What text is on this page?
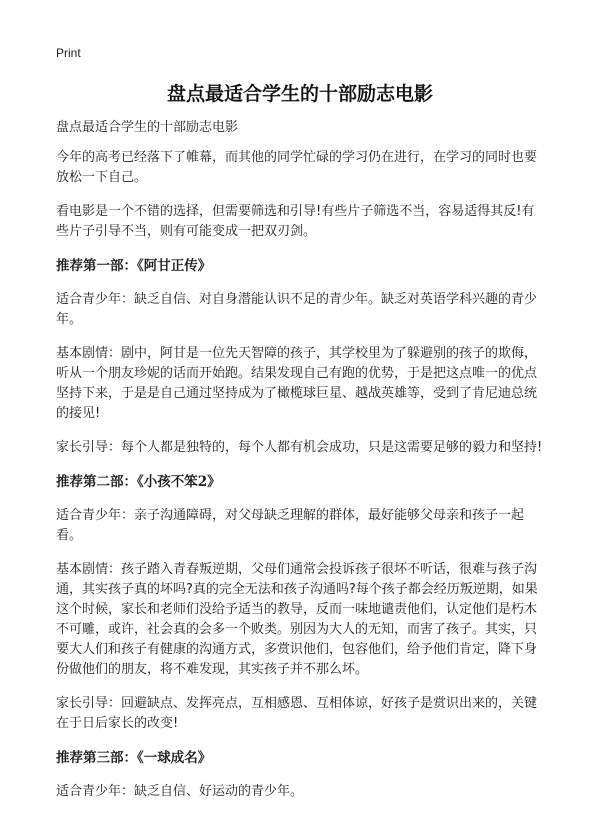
Print
盘点最适合学生的十部励志电影

盘点最适合学生的十部励志电影

今年的高考已经落下了帷幕，而其他的同学忙碌的学习仍在进行，在学习的同时也要放松一下自己。

看电影是一个不错的选择，但需要筛选和引导!有些片子筛选不当，容易适得其反!有些片子引导不当，则有可能变成一把双刃剑。

推荐第一部：《阿甘正传》

适合青少年：缺乏自信、对自身潜能认识不足的青少年。缺乏对英语学科兴趣的青少年。

基本剧情：剧中，阿甘是一位先天智障的孩子，其学校里为了躲避别的孩子的欺侮，听从一个朋友珍妮的话而开始跑。结果发现自己有跑的优势，于是把这点唯一的优点坚持下来，于是是自己通过坚持成为了橄榄球巨星、越战英雄等，受到了肯尼迪总统的接见!

家长引导：每个人都是独特的，每个人都有机会成功，只是这需要足够的毅力和坚持!

推荐第二部：《小孩不笨2》

适合青少年：亲子沟通障碍，对父母缺乏理解的群体，最好能够父母亲和孩子一起看。

基本剧情：孩子踏入青春叛逆期，父母们通常会投诉孩子很坏不听话，很难与孩子沟通，其实孩子真的坏吗?真的完全无法和孩子沟通吗?每个孩子都会经历叛逆期，如果这个时候，家长和老师们没给予适当的教导，反而一味地谴责他们，认定他们是朽木不可雕，或许，社会真的会多一个败类。别因为大人的无知，而害了孩子。其实，只要大人们和孩子有健康的沟通方式，多赏识他们，包容他们，给予他们肯定，降下身份做他们的朋友，将不难发现，其实孩子并不那么坏。

家长引导：回避缺点、发挥亮点，互相感恩、互相体谅，好孩子是赏识出来的，关键在于日后家长的改变!

推荐第三部：《一球成名》

适合青少年：缺乏自信、好运动的青少年。
